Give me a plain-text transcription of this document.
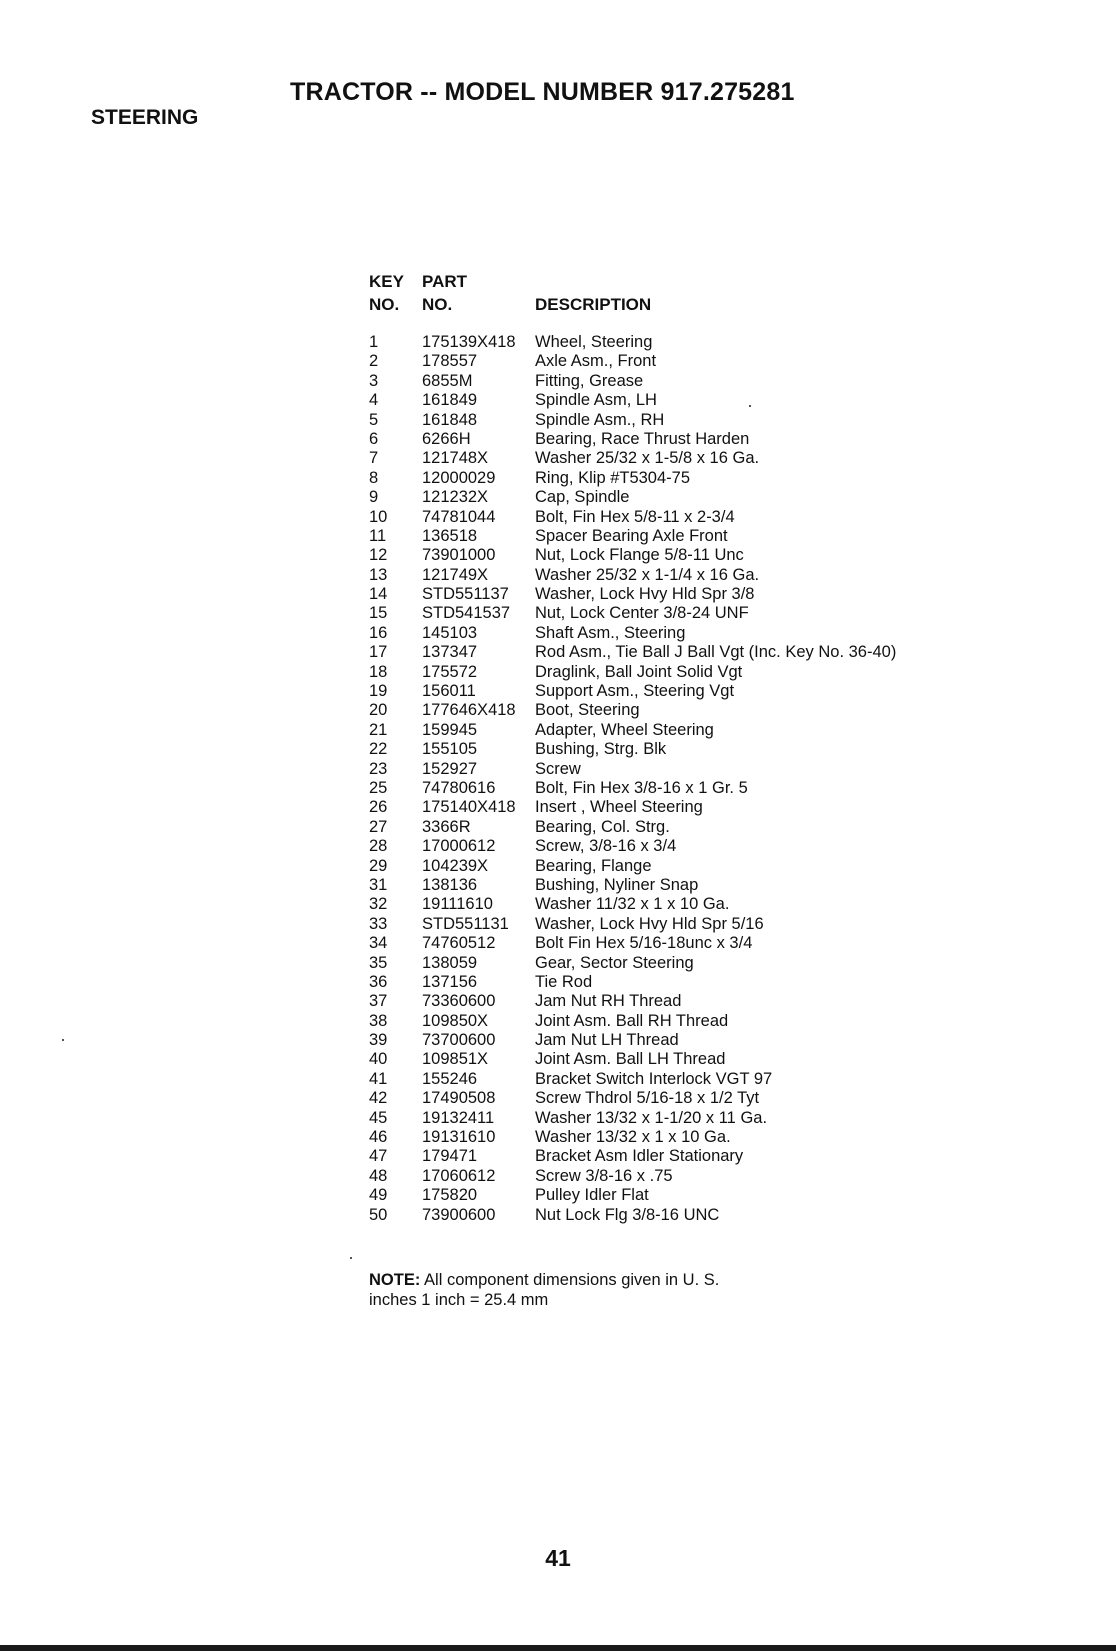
TRACTOR -- MODEL NUMBER 917.275281
STEERING
KEY PART
NO. NO.	DESCRIPTION
1	175139X418 Wheel, Steering
2	178557	Axle Asm., Front
3	6855M	Fitting, Grease
4	161849	Spindle Asm, LH
5	161848	Spindle Asm., RH
6	6266H	Bearing, Race Thrust Harden
7	121748X	Washer 25/32 x 1-5/8 x 16 Ga.
8	12000029 Ring, Klip #T5304-75
9	121232X	Cap, Spindle
10 74781044 Bolt, Fin Hex 5/8-11 x 2-3/4
11 136518	Spacer Bearing Axle Front
12 73901000 Nut, Lock Flange 5/8-11 Unc
13 121749X	Washer 25/32 x 1-1/4 x 16 Ga.
14 STD551137 Washer, Lock Hvy Hld Spr 3/8
15 STD541537 Nut, Lock Center 3/8-24 UNF
16 145103	Shaft Asm., Steering
17 137347	Rod Asm., Tie Ball J Ball Vgt (Inc. Key No. 36-40)
18 175572	Draglink, Ball Joint Solid Vgt
19 156011	Support Asm., Steering Vgt
20 177646X418 Boot, Steering
21 159945	Adapter, Wheel Steering
22 155105	Bushing, Strg. Blk
23 152927	Screw
25 74780616 Bolt, Fin Hex 3/8-16 x 1 Gr. 5
26 175140X418 Insert , Wheel Steering
27 3366R	Bearing, Col. Strg.
28 17000612 Screw, 3/8-16 x 3/4
29 104239X	Bearing, Flange
31 138136	Bushing, Nyliner Snap
32 19111610	Washer 11/32 x 1 x 10 Ga.
33 STD551131 Washer, Lock Hvy Hld Spr 5/16
34 74760512 Bolt Fin Hex 5/16-18unc x 3/4
35 138059	Gear, Sector Steering
36 137156	Tie Rod
37 73360600 Jam Nut RH Thread
38 109850X	Joint Asm. Ball RH Thread
39 73700600 Jam Nut LH Thread
40 109851X	Joint Asm. Ball LH Thread
41 155246	Bracket Switch Interlock VGT 97
42 17490508 Screw Thdrol 5/16-18 x 1/2 Tyt
45 19132411 Washer 13/32 x 1-1/20 x 11 Ga.
46 19131610 Washer 13/32 x 1 x 10 Ga.
47 179471	Bracket Asm Idler Stationary
48 17060612 Screw 3/8-16 x .75
49 175820	Pulley Idler Flat
50 73900600 Nut Lock Flg 3/8-16 UNC
NOTE: All component dimensions given in U. S.
inches 1 inch = 25.4 mm
41
